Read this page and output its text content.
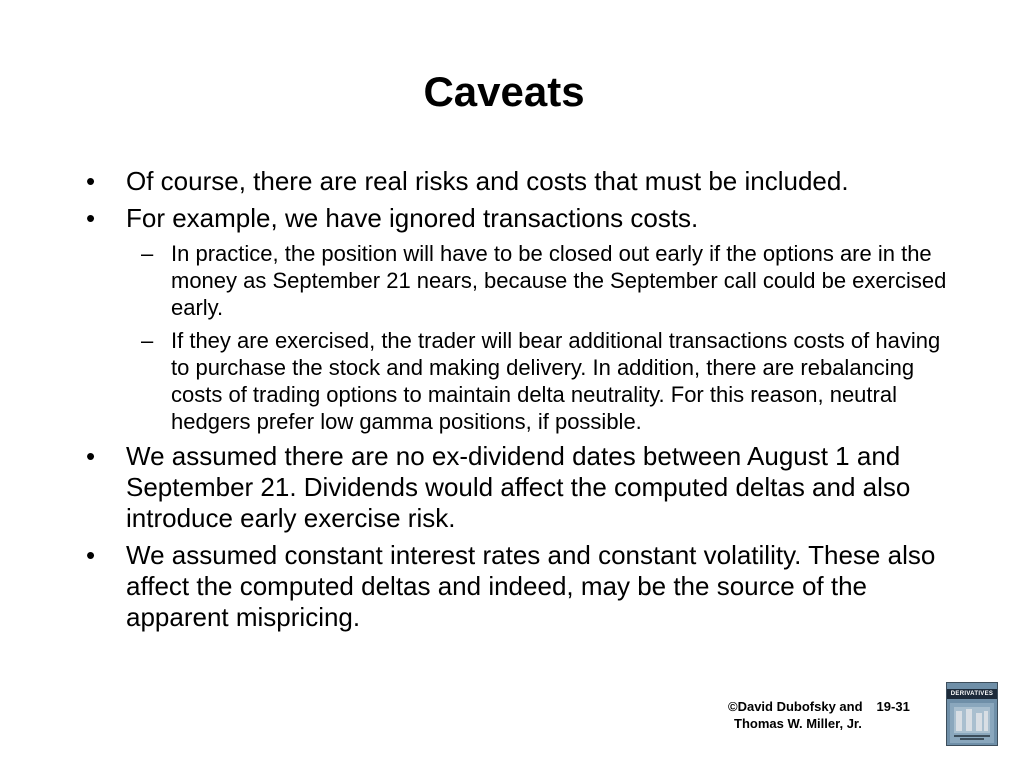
Caveats
•	Of course, there are real risks and costs that must be included.
•	For example, we have ignored transactions costs.
– In practice, the position will have to be closed out early if the options are in the money as September 21 nears, because the September call could be exercised early.
– If they are exercised, the trader will bear additional transactions costs of having to purchase the stock and making delivery. In addition, there are rebalancing costs of trading options to maintain delta neutrality. For this reason, neutral hedgers prefer low gamma positions, if possible.
•	We assumed there are no ex-dividend dates between August 1 and September 21. Dividends would affect the computed deltas and also introduce early exercise risk.
•	We assumed constant interest rates and constant volatility. These also affect the computed deltas and indeed, may be the source of the apparent mispricing.
©David Dubofsky and 19-31
Thomas W. Miller, Jr.
DERIVATIVES
